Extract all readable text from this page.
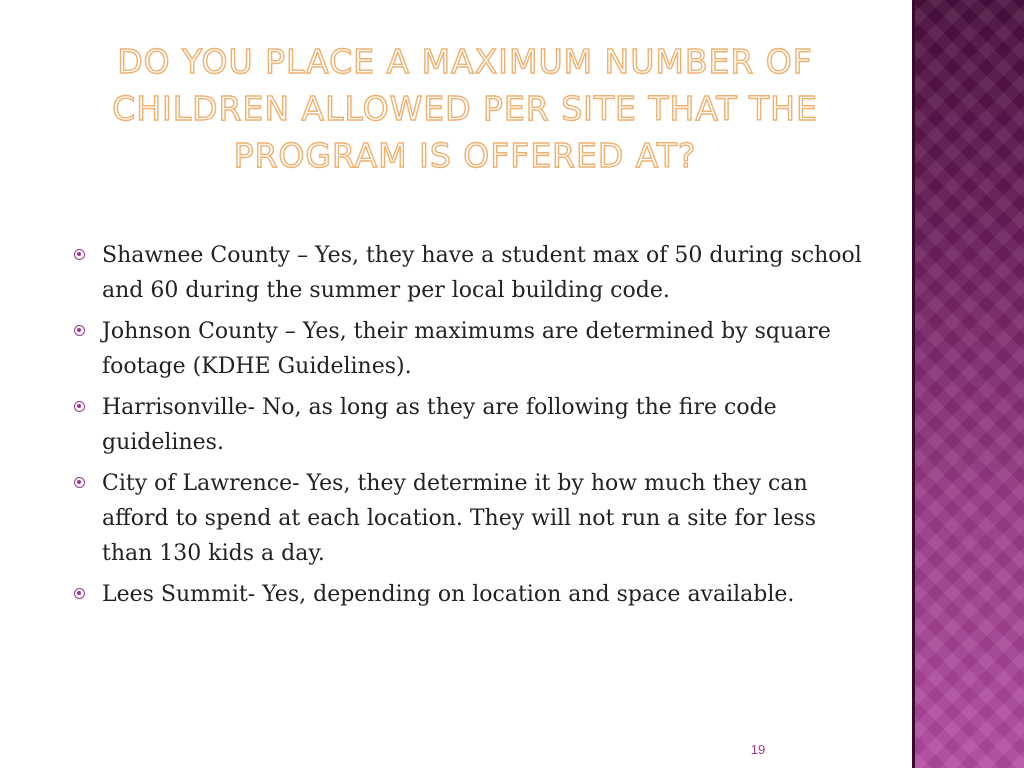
DO YOU PLACE A MAXIMUM NUMBER OF CHILDREN ALLOWED PER SITE THAT THE PROGRAM IS OFFERED AT?
Shawnee County – Yes, they have a student max of 50 during school and 60 during the summer per local building code.
Johnson County – Yes, their maximums are determined by square footage (KDHE Guidelines).
Harrisonville- No, as long as they are following the fire code guidelines.
City of Lawrence- Yes, they determine it by how much they can afford to spend at each location. They will not run a site for less than 130 kids a day.
Lees Summit- Yes, depending on location and space available.
19
